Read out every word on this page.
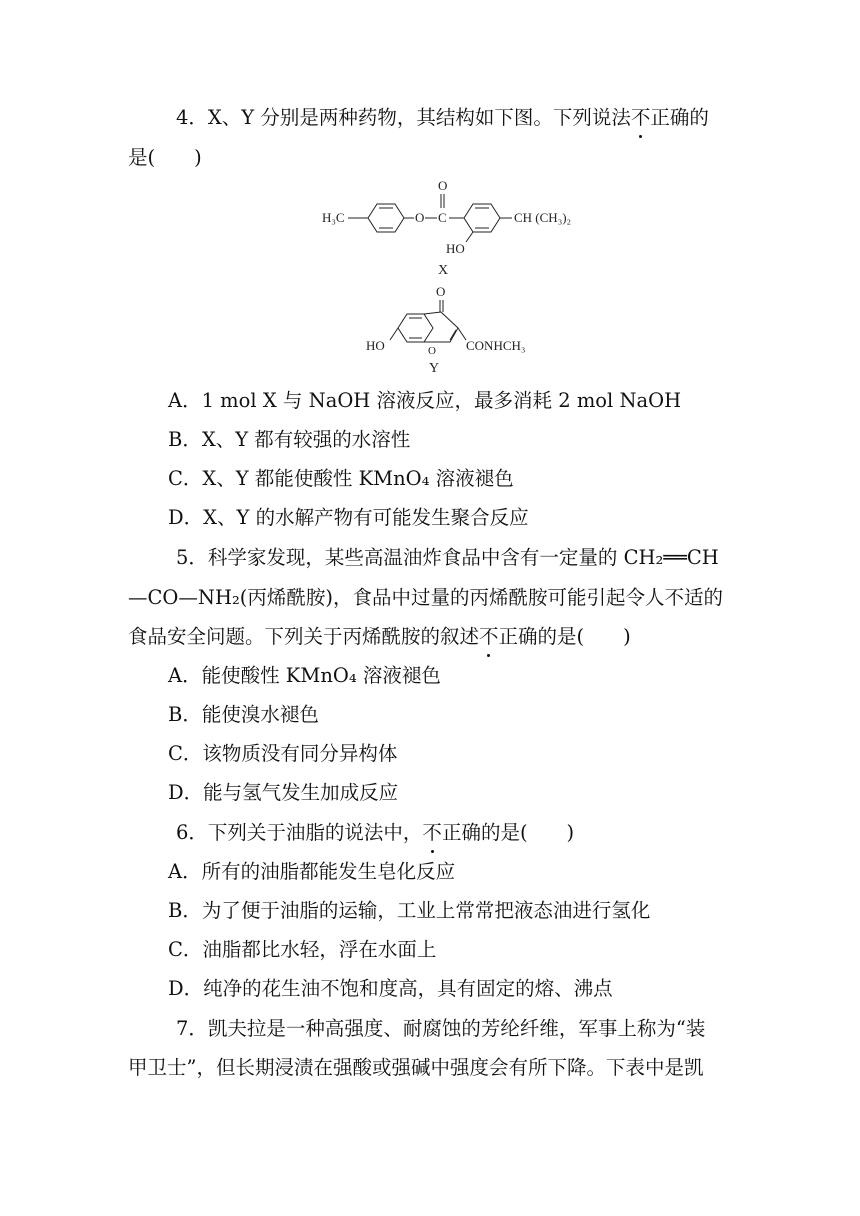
4．X、Y 分别是两种药物，其结构如下图。下列说法不正确的
是(　　)
H₃C	O C
O
CH (CH₃)₂
HO
X
O
O
HO	CONHCH₃
Y
A．1 mol X 与 NaOH 溶液反应，最多消耗 2 mol NaOH
B．X、Y 都有较强的水溶性
C．X、Y 都能使酸性 KMnO₄ 溶液褪色
D．X、Y 的水解产物有可能发生聚合反应
5．科学家发现，某些高温油炸食品中含有一定量的 CH₂══CH
—CO—NH₂(丙烯酰胺)，食品中过量的丙烯酰胺可能引起令人不适的
食品安全问题。下列关于丙烯酰胺的叙述不正确的是(　　)
A．能使酸性 KMnO₄ 溶液褪色
B．能使溴水褪色
C．该物质没有同分异构体
D．能与氢气发生加成反应
6．下列关于油脂的说法中，不正确的是(　　)
A．所有的油脂都能发生皂化反应
B．为了便于油脂的运输，工业上常常把液态油进行氢化
C．油脂都比水轻，浮在水面上
D．纯净的花生油不饱和度高，具有固定的熔、沸点
7．凯夫拉是一种高强度、耐腐蚀的芳纶纤维，军事上称为“装
甲卫士”，但长期浸渍在强酸或强碱中强度会有所下降。下表中是凯
